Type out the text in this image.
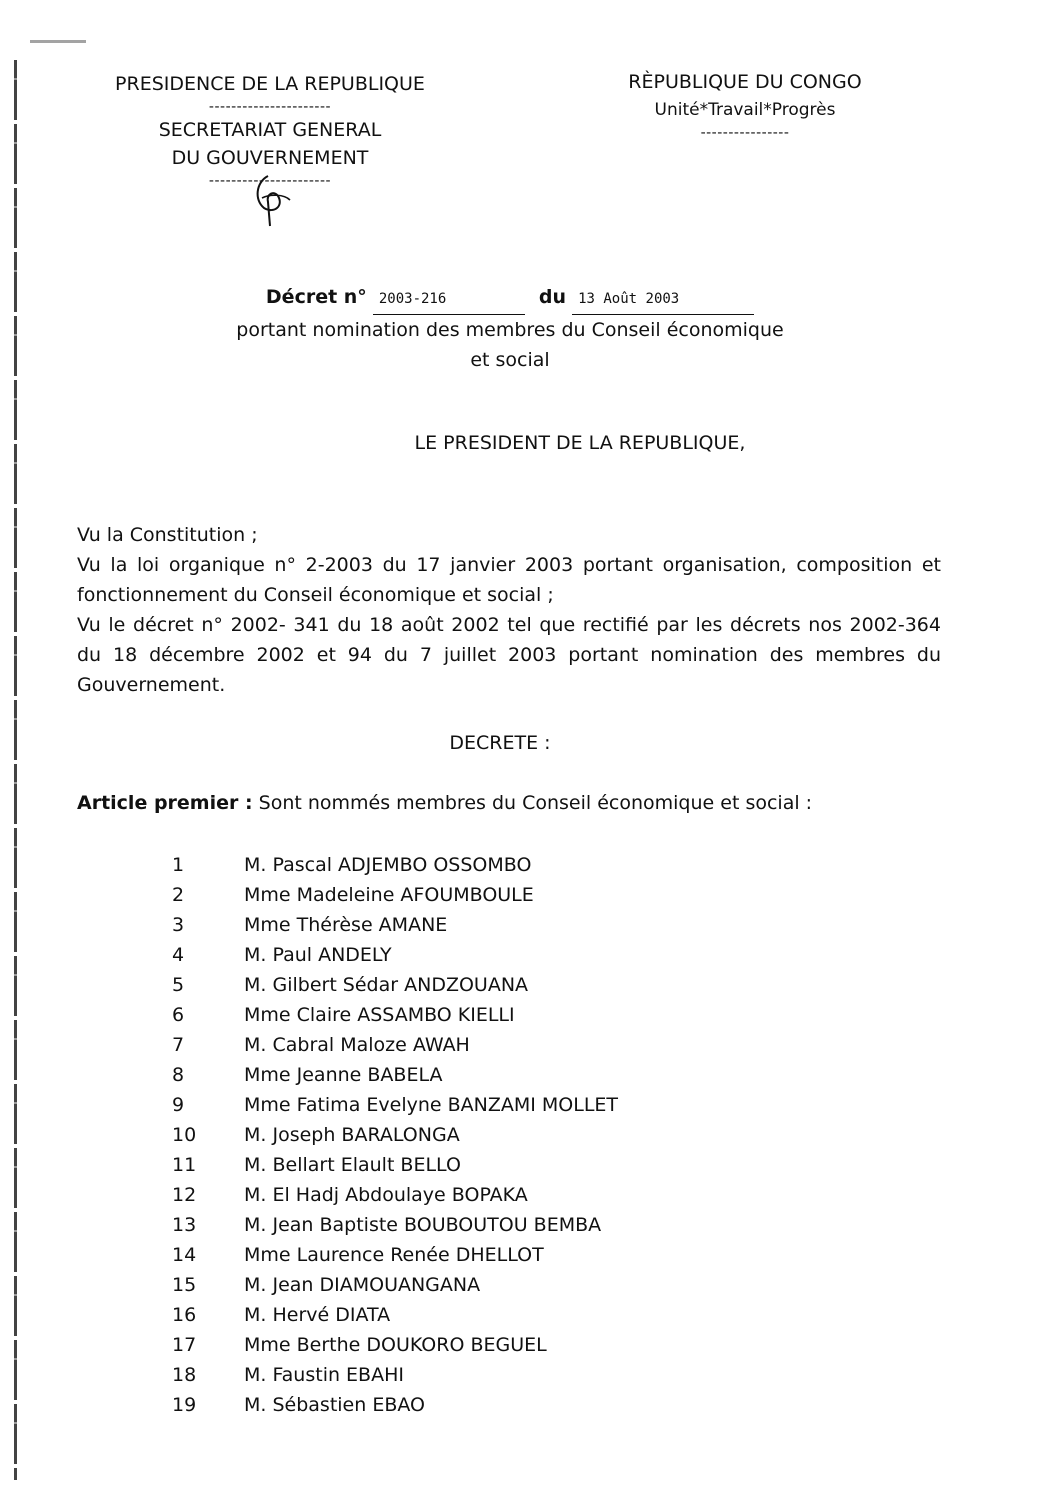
PRESIDENCE DE LA REPUBLIQUE
----------------------
SECRETARIAT GENERAL
DU GOUVERNEMENT
----------------------
RÈPUBLIQUE DU CONGO
Unité*Travail*Progrès
----------------
Décret n° 2003-216	du 13 Août 2003
portant nomination des membres du Conseil économique
et social
LE PRESIDENT DE LA REPUBLIQUE,

Vu la Constitution ;

Vu la loi organique n° 2-2003 du 17 janvier 2003 portant organisation, composition et fonctionnement du Conseil économique et social ;

Vu le décret n° 2002- 341 du 18 août 2002 tel que rectifié par les décrets nos 2002-364 du 18 décembre 2002 et 94 du 7 juillet 2003 portant nomination des membres du Gouvernement.

DECRETE :
Article premier : Sont nommés membres du Conseil économique et social :
1	M. Pascal ADJEMBO OSSOMBO
2	Mme Madeleine AFOUMBOULE
3	Mme Thérèse AMANE
4	M. Paul ANDELY
5	M. Gilbert Sédar ANDZOUANA
6	Mme Claire ASSAMBO KIELLI
7	M. Cabral Maloze AWAH
8	Mme Jeanne BABELA
9	Mme Fatima Evelyne BANZAMI MOLLET
10	M. Joseph BARALONGA
11	M. Bellart Elault BELLO
12	M. El Hadj Abdoulaye BOPAKA
13	M. Jean Baptiste BOUBOUTOU BEMBA
14	Mme Laurence Renée DHELLOT
15	M. Jean DIAMOUANGANA
16	M. Hervé DIATA
17	Mme Berthe DOUKORO BEGUEL
18	M. Faustin EBAHI
19	M. Sébastien EBAO
